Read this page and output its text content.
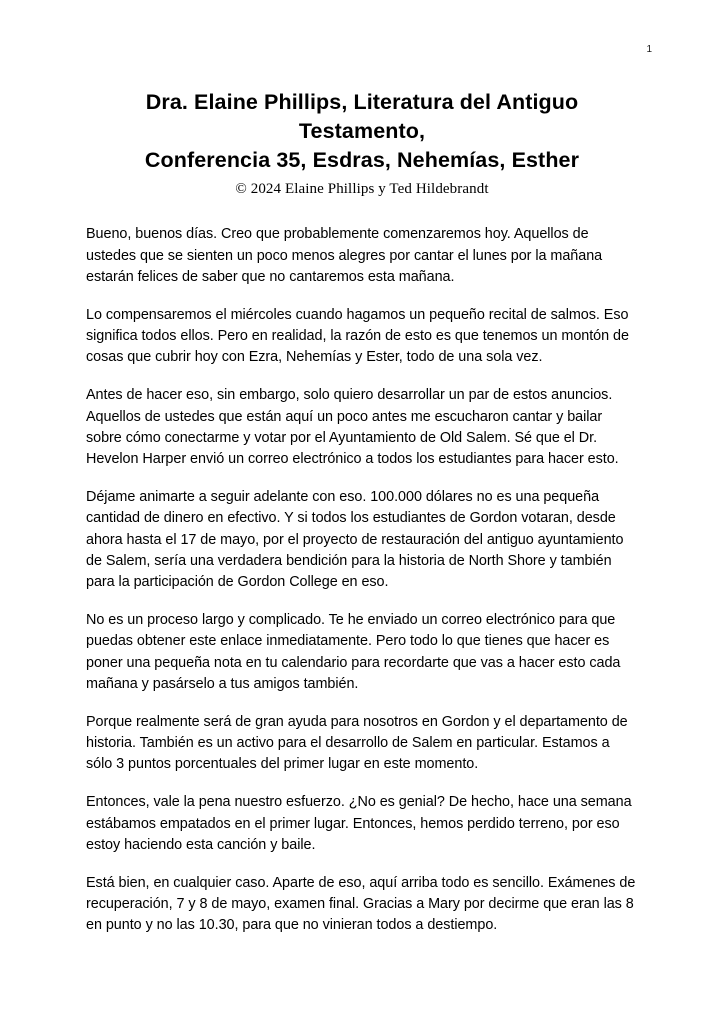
1
Dra. Elaine Phillips, Literatura del Antiguo
Testamento,
Conferencia 35, Esdras, Nehemías, Esther
© 2024 Elaine Phillips y Ted Hildebrandt

Bueno, buenos días. Creo que probablemente comenzaremos hoy. Aquellos de ustedes que se sienten un poco menos alegres por cantar el lunes por la mañana estarán felices de saber que no cantaremos esta mañana.

Lo compensaremos el miércoles cuando hagamos un pequeño recital de salmos. Eso significa todos ellos. Pero en realidad, la razón de esto es que tenemos un montón de cosas que cubrir hoy con Ezra, Nehemías y Ester, todo de una sola vez.

Antes de hacer eso, sin embargo, solo quiero desarrollar un par de estos anuncios. Aquellos de ustedes que están aquí un poco antes me escucharon cantar y bailar sobre cómo conectarme y votar por el Ayuntamiento de Old Salem. Sé que el Dr. Hevelon Harper envió un correo electrónico a todos los estudiantes para hacer esto.

Déjame animarte a seguir adelante con eso. 100.000 dólares no es una pequeña cantidad de dinero en efectivo. Y si todos los estudiantes de Gordon votaran, desde ahora hasta el 17 de mayo, por el proyecto de restauración del antiguo ayuntamiento de Salem, sería una verdadera bendición para la historia de North Shore y también para la participación de Gordon College en eso.

No es un proceso largo y complicado. Te he enviado un correo electrónico para que puedas obtener este enlace inmediatamente. Pero todo lo que tienes que hacer es poner una pequeña nota en tu calendario para recordarte que vas a hacer esto cada mañana y pasárselo a tus amigos también.

Porque realmente será de gran ayuda para nosotros en Gordon y el departamento de historia. También es un activo para el desarrollo de Salem en particular. Estamos a sólo 3 puntos porcentuales del primer lugar en este momento.

Entonces, vale la pena nuestro esfuerzo. ¿No es genial? De hecho, hace una semana estábamos empatados en el primer lugar. Entonces, hemos perdido terreno, por eso estoy haciendo esta canción y baile.

Está bien, en cualquier caso. Aparte de eso, aquí arriba todo es sencillo. Exámenes de recuperación, 7 y 8 de mayo, examen final. Gracias a Mary por decirme que eran las 8 en punto y no las 10.30, para que no vinieran todos a destiempo.
